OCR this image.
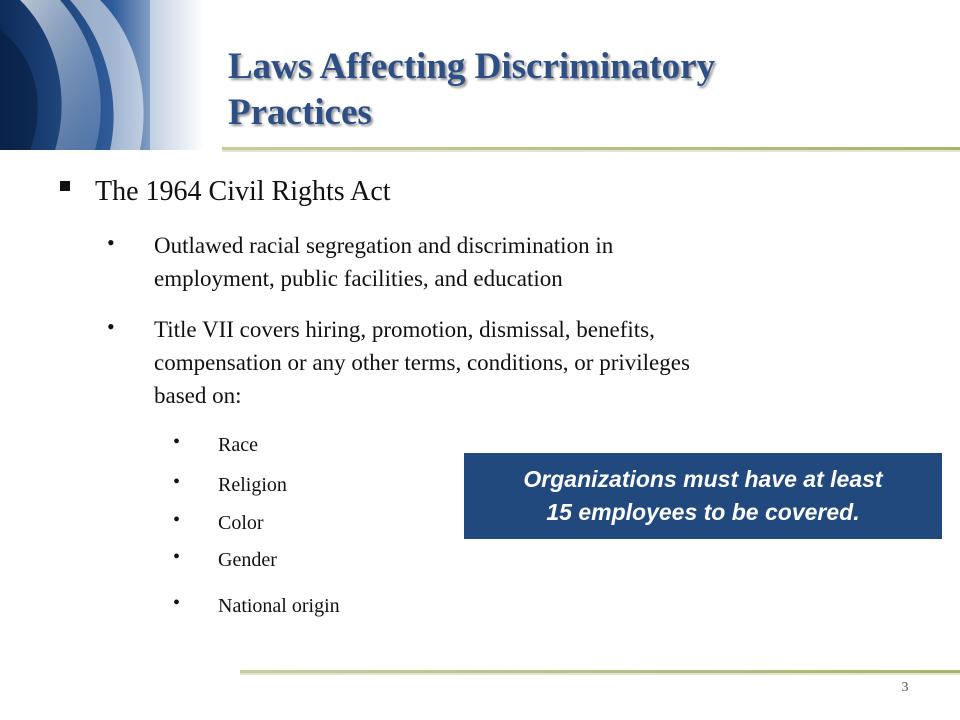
Laws Affecting Discriminatory
Practices
The 1964 Civil Rights Act
• Outlawed racial segregation and discrimination in
employment, public facilities, and education
• Title VII covers hiring, promotion, dismissal, benefits,
compensation or any other terms, conditions, or privileges
based on:
• Race
• Religion
• Color
• Gender
• National origin
Organizations must have at least
15 employees to be covered.
3
